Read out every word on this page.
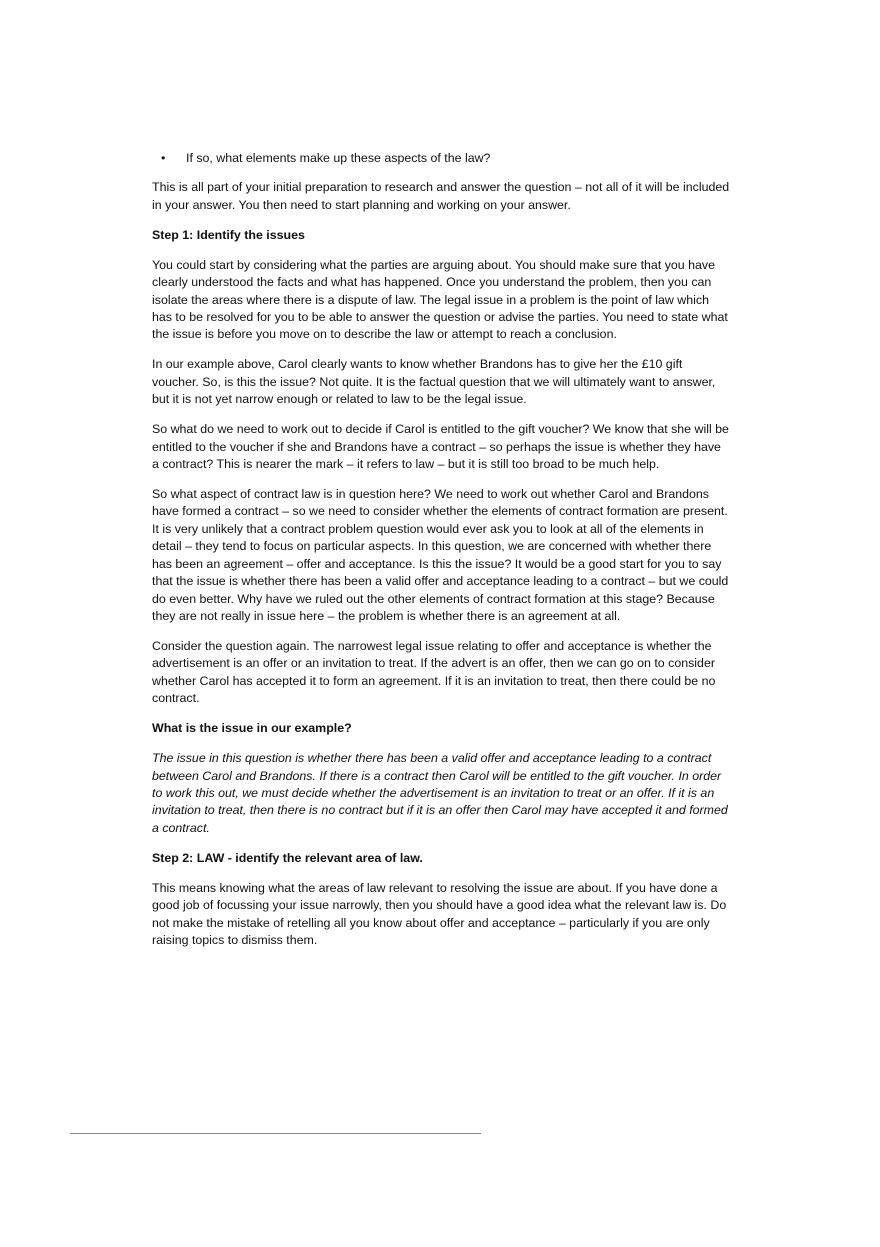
•	If so, what elements make up these aspects of the law?

This is all part of your initial preparation to research and answer the question – not all of it will be included in your answer. You then need to start planning and working on your answer.

Step 1: Identify the issues

You could start by considering what the parties are arguing about. You should make sure that you have clearly understood the facts and what has happened. Once you understand the problem, then you can isolate the areas where there is a dispute of law. The legal issue in a problem is the point of law which has to be resolved for you to be able to answer the question or advise the parties. You need to state what the issue is before you move on to describe the law or attempt to reach a conclusion.

In our example above, Carol clearly wants to know whether Brandons has to give her the £10 gift voucher. So, is this the issue? Not quite. It is the factual question that we will ultimately want to answer, but it is not yet narrow enough or related to law to be the legal issue.

So what do we need to work out to decide if Carol is entitled to the gift voucher? We know that she will be entitled to the voucher if she and Brandons have a contract – so perhaps the issue is whether they have a contract? This is nearer the mark – it refers to law – but it is still too broad to be much help.

So what aspect of contract law is in question here? We need to work out whether Carol and Brandons have formed a contract – so we need to consider whether the elements of contract formation are present. It is very unlikely that a contract problem question would ever ask you to look at all of the elements in detail – they tend to focus on particular aspects. In this question, we are concerned with whether there has been an agreement – offer and acceptance. Is this the issue? It would be a good start for you to say that the issue is whether there has been a valid offer and acceptance leading to a contract – but we could do even better. Why have we ruled out the other elements of contract formation at this stage? Because they are not really in issue here – the problem is whether there is an agreement at all.

Consider the question again. The narrowest legal issue relating to offer and acceptance is whether the advertisement is an offer or an invitation to treat. If the advert is an offer, then we can go on to consider whether Carol has accepted it to form an agreement. If it is an invitation to treat, then there could be no contract.

What is the issue in our example?

The issue in this question is whether there has been a valid offer and acceptance leading to a contract between Carol and Brandons. If there is a contract then Carol will be entitled to the gift voucher. In order to work this out, we must decide whether the advertisement is an invitation to treat or an offer. If it is an invitation to treat, then there is no contract but if it is an offer then Carol may have accepted it and formed a contract.

Step 2: LAW - identify the relevant area of law.

This means knowing what the areas of law relevant to resolving the issue are about. If you have done a good job of focussing your issue narrowly, then you should have a good idea what the relevant law is. Do not make the mistake of retelling all you know about offer and acceptance – particularly if you are only raising topics to dismiss them.
